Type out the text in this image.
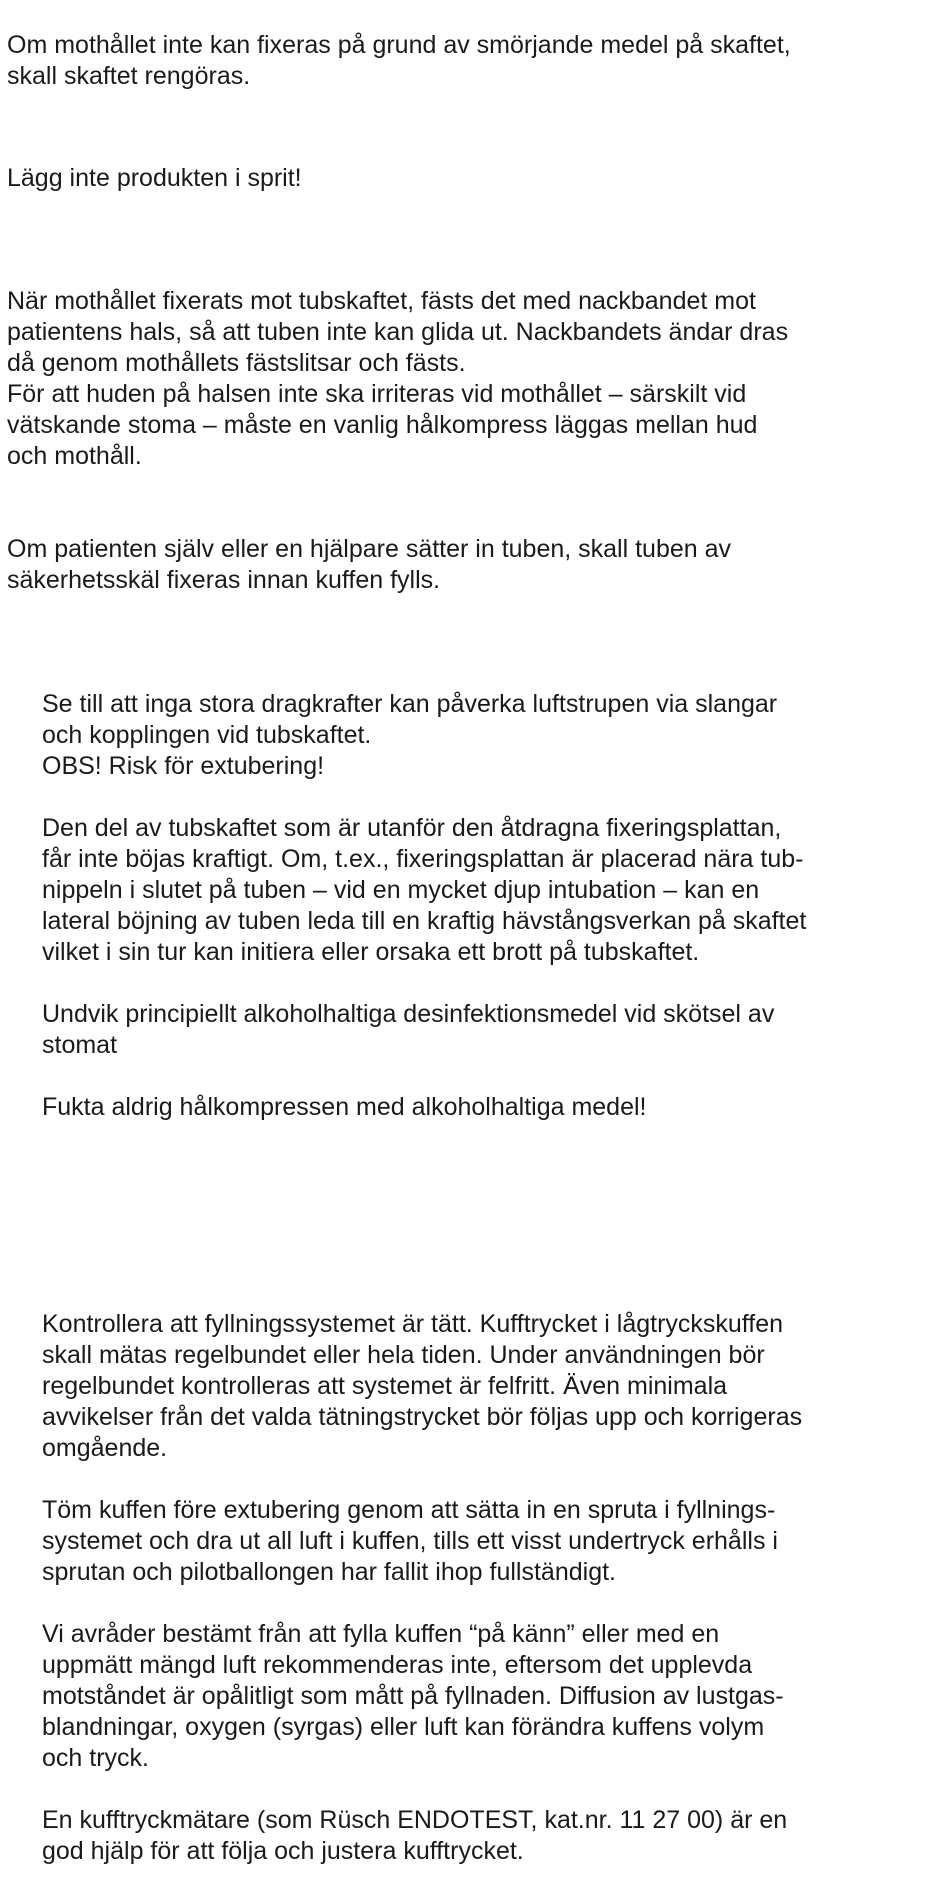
Om mothållet inte kan fixeras på grund av smörjande medel på skaftet,
skall skaftet rengöras.

Lägg inte produkten i sprit!

När mothållet fixerats mot tubskaftet, fästs det med nackbandet mot
patientens hals, så att tuben inte kan glida ut. Nackbandets ändar dras
då genom mothållets fästslitsar och fästs.
För att huden på halsen inte ska irriteras vid mothållet – särskilt vid
vätskande stoma – måste en vanlig hålkompress läggas mellan hud
och mothåll.

Om patienten själv eller en hjälpare sätter in tuben, skall tuben av
säkerhetsskäl fixeras innan kuffen fylls.

Se till att inga stora dragkrafter kan påverka luftstrupen via slangar
och kopplingen vid tubskaftet.
OBS! Risk för extubering!

Den del av tubskaftet som är utanför den åtdragna fixeringsplattan,
får inte böjas kraftigt. Om, t.ex., fixeringsplattan är placerad nära tub-
nippeln i slutet på tuben – vid en mycket djup intubation – kan en
lateral böjning av tuben leda till en kraftig hävstångsverkan på skaftet
vilket i sin tur kan initiera eller orsaka ett brott på tubskaftet.

Undvik principiellt alkoholhaltiga desinfektionsmedel vid skötsel av
stomat

Fukta aldrig hålkompressen med alkoholhaltiga medel!

Kontrollera att fyllningssystemet är tätt. Kufftrycket i lågtryckskuffen
skall mätas regelbundet eller hela tiden. Under användningen bör
regelbundet kontrolleras att systemet är felfritt. Även minimala
avvikelser från det valda tätningstrycket bör följas upp och korrigeras
omgående.

Töm kuffen före extubering genom att sätta in en spruta i fyllnings-
systemet och dra ut all luft i kuffen, tills ett visst undertryck erhålls i
sprutan och pilotballongen har fallit ihop fullständigt.

Vi avråder bestämt från att fylla kuffen “på känn” eller med en
uppmätt mängd luft rekommenderas inte, eftersom det upplevda
motståndet är opålitligt som mått på fyllnaden. Diffusion av lustgas-
blandningar, oxygen (syrgas) eller luft kan förändra kuffens volym
och tryck.

En kufftryckmätare (som Rüsch ENDOTEST, kat.nr. 11 27 00) är en
god hjälp för att följa och justera kufftrycket.
